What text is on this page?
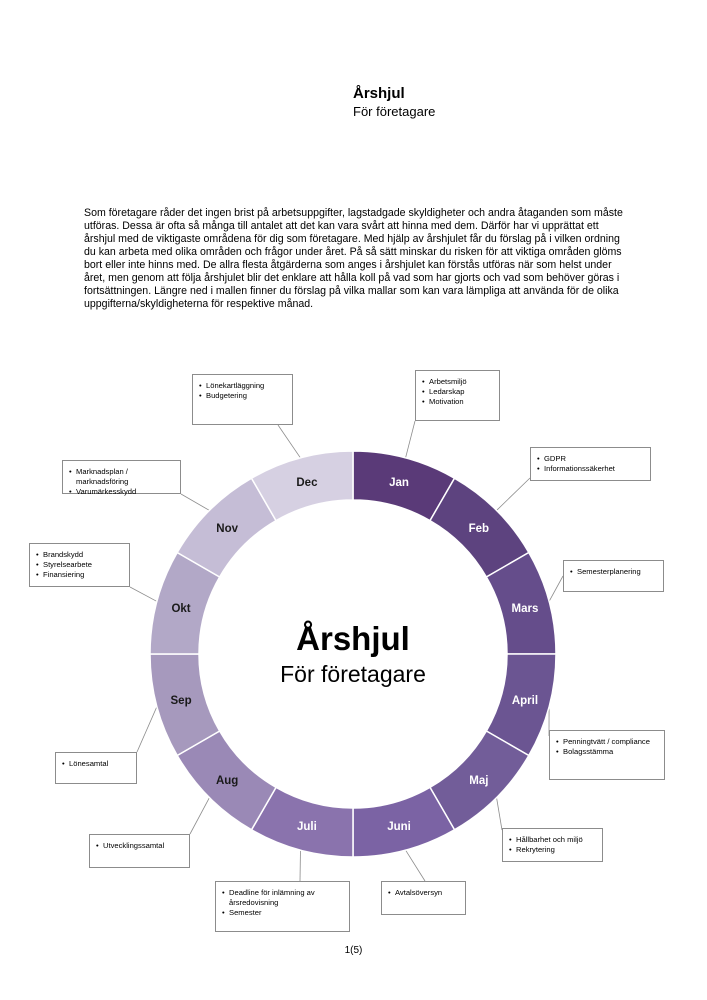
Årshjul

För företagare

Som företagare råder det ingen brist på arbetsuppgifter, lagstadgade skyldigheter och andra åtaganden som måste utföras. Dessa är ofta så många till antalet att det kan vara svårt att hinna med dem. Därför har vi upprättat ett årshjul med de viktigaste områdena för dig som företagare. Med hjälp av årshjulet får du förslag på i vilken ordning du kan arbeta med olika områden och frågor under året. På så sätt minskar du risken för att viktiga områden glöms bort eller inte hinns med. De allra flesta åtgärderna som anges i årshjulet kan förstås utföras när som helst under året, men genom att följa årshjulet blir det enklare att hålla koll på vad som har gjorts och vad som behöver göras i fortsättningen. Längre ned i mallen finner du förslag på vilka mallar som kan vara lämpliga att använda för de olika uppgifterna/skyldigheterna för respektive månad.

Jan
Feb
Mars
April
Maj
Juni
Juli
Aug
Sep
Okt
Nov
Dec
Årshjul
För företagare
• Arbetsmiljö
• Ledarskap
• Motivation
• GDPR
• Informationssäkerhet
• Semesterplanering
• Penningtvätt / compliance
• Bolagsstämma
• Hållbarhet och miljö
• Rekrytering
• Avtalsöversyn
• Deadline för inlämning av årsredovisning
• Semester
• Utvecklingssamtal
• Lönesamtal
• Brandskydd
• Styrelsearbete
• Finansiering
• Marknadsplan / marknadsföring
• Varumärkesskydd
• Lönekartläggning
• Budgetering
1(5)
